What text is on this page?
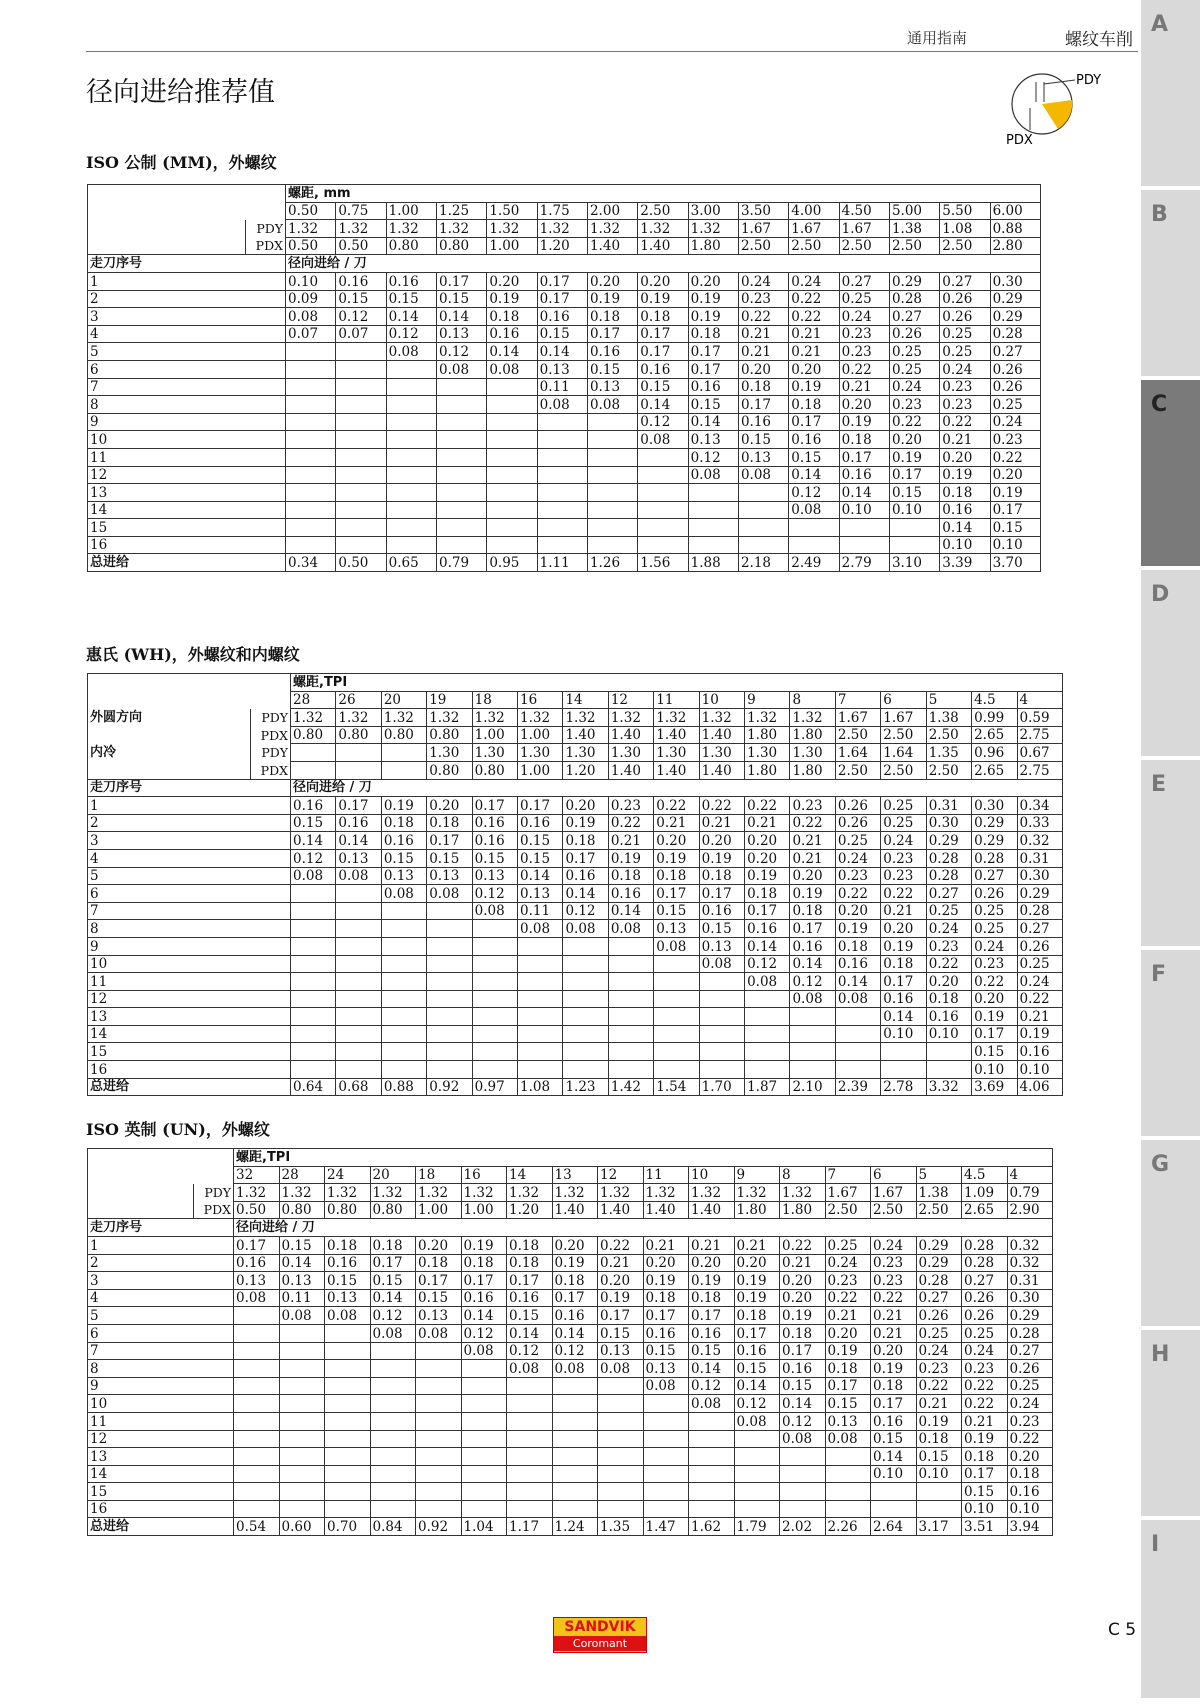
通用指南	螺纹车削
径向进给推荐值	PDY
PDX
ISO 公制 (MM)，外螺纹
		螺距, mm														
		0.50	0.75	1.00	1.25	1.50	1.75	2.00	2.50	3.00	3.50	4.00	4.50	5.00	5.50	6.00
	PDY	1.32	1.32	1.32	1.32	1.32	1.32	1.32	1.32	1.32	1.67	1.67	1.67	1.38	1.08	0.88
	PDX	0.50	0.50	0.80	0.80	1.00	1.20	1.40	1.40	1.80	2.50	2.50	2.50	2.50	2.50	2.80
走刀序号		径向进给 / 刀														
1		0.10	0.16	0.16	0.17	0.20	0.17	0.20	0.20	0.20	0.24	0.24	0.27	0.29	0.27	0.30
2		0.09	0.15	0.15	0.15	0.19	0.17	0.19	0.19	0.19	0.23	0.22	0.25	0.28	0.26	0.29
3		0.08	0.12	0.14	0.14	0.18	0.16	0.18	0.18	0.19	0.22	0.22	0.24	0.27	0.26	0.29
4		0.07	0.07	0.12	0.13	0.16	0.15	0.17	0.17	0.18	0.21	0.21	0.23	0.26	0.25	0.28
5				0.08	0.12	0.14	0.14	0.16	0.17	0.17	0.21	0.21	0.23	0.25	0.25	0.27
6					0.08	0.08	0.13	0.15	0.16	0.17	0.20	0.20	0.22	0.25	0.24	0.26
7							0.11	0.13	0.15	0.16	0.18	0.19	0.21	0.24	0.23	0.26
8							0.08	0.08	0.14	0.15	0.17	0.18	0.20	0.23	0.23	0.25
9									0.12	0.14	0.16	0.17	0.19	0.22	0.22	0.24
10									0.08	0.13	0.15	0.16	0.18	0.20	0.21	0.23
11										0.12	0.13	0.15	0.17	0.19	0.20	0.22
12										0.08	0.08	0.14	0.16	0.17	0.19	0.20
13												0.12	0.14	0.15	0.18	0.19
14												0.08	0.10	0.10	0.16	0.17
15															0.14	0.15
16															0.10	0.10
总进给		0.34	0.50	0.65	0.79	0.95	1.11	1.26	1.56	1.88	2.18	2.49	2.79	3.10	3.39	3.70
惠氏 (WH)，外螺纹和内螺纹
		螺距,TPI																
		28	26	20	19	18	16	14	12	11	10	9	8	7	6	5	4.5	4
外圆方向	PDY	1.32	1.32	1.32	1.32	1.32	1.32	1.32	1.32	1.32	1.32	1.32	1.32	1.67	1.67	1.38	0.99	0.59
	PDX	0.80	0.80	0.80	0.80	1.00	1.00	1.40	1.40	1.40	1.40	1.80	1.80	2.50	2.50	2.50	2.65	2.75
内冷	PDY				1.30	1.30	1.30	1.30	1.30	1.30	1.30	1.30	1.30	1.64	1.64	1.35	0.96	0.67
	PDX				0.80	0.80	1.00	1.20	1.40	1.40	1.40	1.80	1.80	2.50	2.50	2.50	2.65	2.75
走刀序号		径向进给 / 刀																
1		0.16	0.17	0.19	0.20	0.17	0.17	0.20	0.23	0.22	0.22	0.22	0.23	0.26	0.25	0.31	0.30	0.34
2		0.15	0.16	0.18	0.18	0.16	0.16	0.19	0.22	0.21	0.21	0.21	0.22	0.26	0.25	0.30	0.29	0.33
3		0.14	0.14	0.16	0.17	0.16	0.15	0.18	0.21	0.20	0.20	0.20	0.21	0.25	0.24	0.29	0.29	0.32
4		0.12	0.13	0.15	0.15	0.15	0.15	0.17	0.19	0.19	0.19	0.20	0.21	0.24	0.23	0.28	0.28	0.31
5		0.08	0.08	0.13	0.13	0.13	0.14	0.16	0.18	0.18	0.18	0.19	0.20	0.23	0.23	0.28	0.27	0.30
6				0.08	0.08	0.12	0.13	0.14	0.16	0.17	0.17	0.18	0.19	0.22	0.22	0.27	0.26	0.29
7						0.08	0.11	0.12	0.14	0.15	0.16	0.17	0.18	0.20	0.21	0.25	0.25	0.28
8							0.08	0.08	0.08	0.13	0.15	0.16	0.17	0.19	0.20	0.24	0.25	0.27
9										0.08	0.13	0.14	0.16	0.18	0.19	0.23	0.24	0.26
10											0.08	0.12	0.14	0.16	0.18	0.22	0.23	0.25
11												0.08	0.12	0.14	0.17	0.20	0.22	0.24
12													0.08	0.08	0.16	0.18	0.20	0.22
13															0.14	0.16	0.19	0.21
14															0.10	0.10	0.17	0.19
15																	0.15	0.16
16																	0.10	0.10
总进给		0.64	0.68	0.88	0.92	0.97	1.08	1.23	1.42	1.54	1.70	1.87	2.10	2.39	2.78	3.32	3.69	4.06
ISO 英制 (UN)，外螺纹
		螺距,TPI																	
		32	28	24	20	18	16	14	13	12	11	10	9	8	7	6	5	4.5	4
	PDY	1.32	1.32	1.32	1.32	1.32	1.32	1.32	1.32	1.32	1.32	1.32	1.32	1.32	1.67	1.67	1.38	1.09	0.79
	PDX	0.50	0.80	0.80	0.80	1.00	1.00	1.20	1.40	1.40	1.40	1.40	1.80	1.80	2.50	2.50	2.50	2.65	2.90
走刀序号		径向进给 / 刀																	
1		0.17	0.15	0.18	0.18	0.20	0.19	0.18	0.20	0.22	0.21	0.21	0.21	0.22	0.25	0.24	0.29	0.28	0.32
2		0.16	0.14	0.16	0.17	0.18	0.18	0.18	0.19	0.21	0.20	0.20	0.20	0.21	0.24	0.23	0.29	0.28	0.32
3		0.13	0.13	0.15	0.15	0.17	0.17	0.17	0.18	0.20	0.19	0.19	0.19	0.20	0.23	0.23	0.28	0.27	0.31
4		0.08	0.11	0.13	0.14	0.15	0.16	0.16	0.17	0.19	0.18	0.18	0.19	0.20	0.22	0.22	0.27	0.26	0.30
5			0.08	0.08	0.12	0.13	0.14	0.15	0.16	0.17	0.17	0.17	0.18	0.19	0.21	0.21	0.26	0.26	0.29
6					0.08	0.08	0.12	0.14	0.14	0.15	0.16	0.16	0.17	0.18	0.20	0.21	0.25	0.25	0.28
7							0.08	0.12	0.12	0.13	0.15	0.15	0.16	0.17	0.19	0.20	0.24	0.24	0.27
8								0.08	0.08	0.08	0.13	0.14	0.15	0.16	0.18	0.19	0.23	0.23	0.26
9											0.08	0.12	0.14	0.15	0.17	0.18	0.22	0.22	0.25
10												0.08	0.12	0.14	0.15	0.17	0.21	0.22	0.24
11													0.08	0.12	0.13	0.16	0.19	0.21	0.23
12														0.08	0.08	0.15	0.18	0.19	0.22
13																0.14	0.15	0.18	0.20
14																0.10	0.10	0.17	0.18
15																		0.15	0.16
16																		0.10	0.10
总进给		0.54	0.60	0.70	0.84	0.92	1.04	1.17	1.24	1.35	1.47	1.62	1.79	2.02	2.26	2.64	3.17	3.51	3.94
A
B
C
D
E
F
G
H
I
SANDVIK
Coromant
C 5
